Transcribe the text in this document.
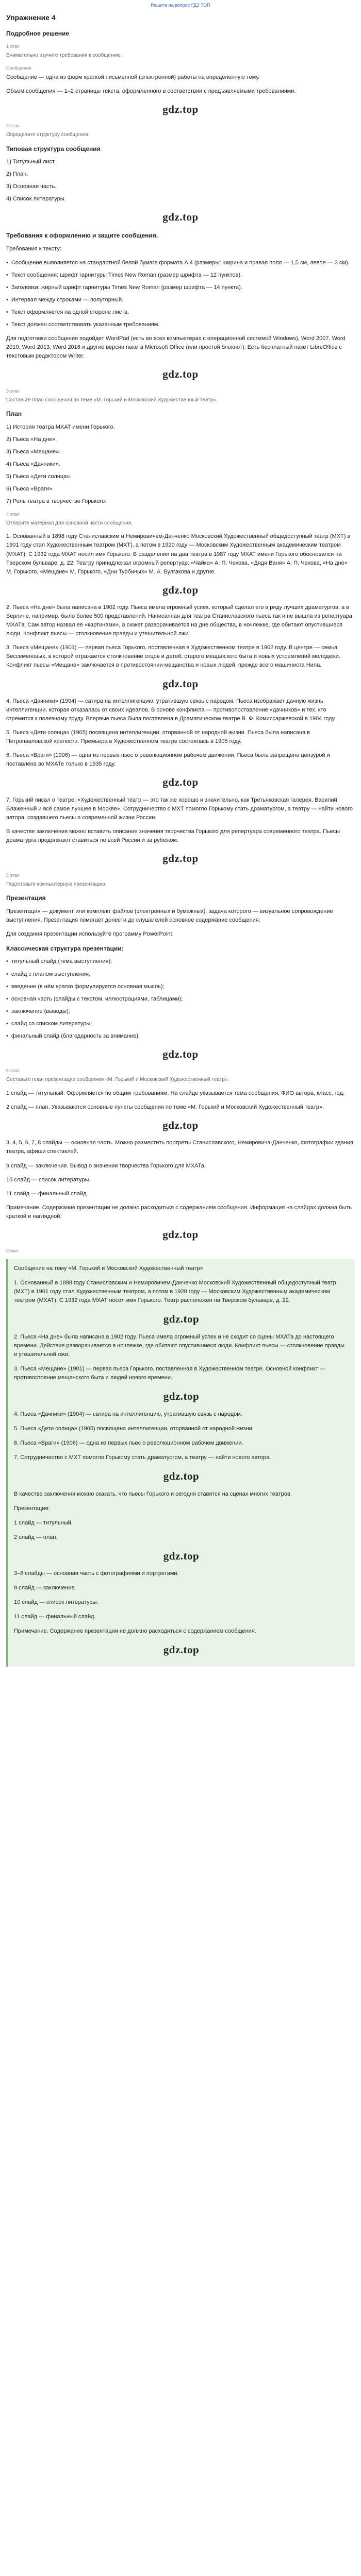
Решите на вопрос ГДЗ ТОП
Упражнение 4
Подробное решение
1 этап

Внимательно изучите требования к сообщению.

Сообщение

Сообщение — одна из форм краткой письменной (электронной) работы на определенную тему.

Объем сообщения — 1–2 страницы текста, оформленного в соответствии с предъявляемыми требованиями.

gdz.top
2 этап

Определите структуру сообщения.

Типовая структура сообщения
1) Титульный лист.
2) План.
3) Основная часть.
4) Список литературы.
gdz.top
Требования к оформлению и защите сообщения.

Требования к тексту:

• Сообщение выполняется на стандартной белой бумаге формата А 4 (размеры: ширина и правая поля — 1,5 см, левое — 3 см).
• Текст сообщения: шрифт гарнитуры Times New Roman (размер шрифта — 12 пунктов).
• Заголовки: жирный шрифт гарнитуры Times New Roman (размер шрифта — 14 пункта).
• Интервал между строками — полуторный.
• Текст оформляется на одной стороне листа.
• Текст должен соответствовать указанным требованиям.

Для подготовки сообщения подойдет WordPad (есть во всех компьютерах с операционной системой Windows), Word 2007, Word 2010, Word 2013, Word 2016 и другие версии пакета Microsoft Office (или простой блокнот). Есть бесплатный пакет LibreOffice с текстовым редактором Writer.

gdz.top
3 этап

Составьте план сообщения по теме «М. Горький и Московский Художественный театр».

План
1) История театра МХАТ имени Горького.
2) Пьеса «На дне».
3) Пьеса «Мещане».
4) Пьеса «Дачники».
5) Пьеса «Дети солнца».
6) Пьеса «Враги».
7) Роль театра в творчестве Горького.
4 этап

Отберите материал для основной части сообщения.

1. Основанный в 1898 году Станиславским и Немировичем-Данченко Московский Художественный общедоступный театр (МХТ) в 1901 году стал Художественным театром (МХТ), а потом в 1920 году — Московским Художественным академическим театром (МХАТ). С 1932 года МХАТ носил имя Горького. В разделении на два театра в 1987 году МХАТ имени Горького обосновался на Тверском бульваре, д. 22. Театру принадлежал огромный репертуар: «Чайка» А. П. Чехова, «Дядя Ваня» А. П. Чехова, «На дне» М. Горького, «Мещане» М. Горького, «Дни Турбиных» М. А. Булгакова и другие.

gdz.top

2. Пьеса «На дне» была написана в 1902 году. Пьеса имела огромный успех, который сделал его в ряду лучших драматургов, а в Берлине, например, было более 500 представлений. Написанная для театра Станиславского пьеса так и не вышла из репертуара МХАТа. Сам автор назвал её «картинами», а сюжет разворачивается на дне общества, в ночлежке, где обитают опустившиеся люди. Конфликт пьесы — столкновение правды и утешительной лжи.

3. Пьеса «Мещане» (1901) — первая пьеса Горького, поставленная в Художественном театре в 1902 году. В центре — семья Бессеменовых, в которой отражается столкновение отцов и детей, старого мещанского быта и новых устремлений молодежи. Конфликт пьесы «Мещане» заключается в противостоянии мещанства и новых людей, прежде всего машиниста Нила.

gdz.top

4. Пьеса «Дачники» (1904) — сатира на интеллигенцию, утратившую связь с народом. Пьеса изображает дачную жизнь интеллигенции, которая отказалась от своих идеалов. В основе конфликта — противопоставление «дачников» и тех, кто стремится к полезному труду. Впервые пьеса была поставлена в Драматическом театре В. Ф. Комиссаржевской в 1904 году.

5. Пьеса «Дети солнца» (1905) посвящена интеллигенции, оторванной от народной жизни. Пьеса была написана в Петропавловской крепости. Премьера в Художественном театре состоялась в 1905 году.

6. Пьеса «Враги» (1906) — одна из первых пьес о революционном рабочем движении. Пьеса была запрещена цензурой и поставлена во МХАТе только в 1935 году.

gdz.top

7. Горький писал о театре: «Художественный театр — это так же хорошо и значительно, как Третьяковская галерея, Василий Блаженный и всё самое лучшее в Москве». Сотрудничество с МХТ помогло Горькому стать драматургом, а театру — найти нового автора, создавшего пьесы о современной жизни России.

В качестве заключения можно вставить описание значения творчества Горького для репертуара современного театра. Пьесы драматурга продолжают ставиться по всей России и за рубежом.

gdz.top
5 этап

Подготовьте компьютерную презентацию.

Презентация

Презентация — документ или комплект файлов (электронных и бумажных), задача которого — визуальное сопровождение выступления. Презентация помогает донести до слушателей основное содержание сообщения.

Для создания презентации используйте программу PowerPoint.

Классическая структура презентации:
• титульный слайд (тема выступления);
• слайд с планом выступления;
• введение (в нём кратко формулируется основная мысль);
• основная часть (слайды с текстом, иллюстрациями, таблицами);
• заключение (выводы);
• слайд со списком литературы;
• финальный слайд (благодарность за внимание).
gdz.top
6 этап

Составьте план презентации сообщения «М. Горький и Московский Художественный театр».

1 слайд — титульный. Оформляется по общим требованиям. На слайде указывается тема сообщения, ФИО автора, класс, год.

2 слайд — план. Указываются основные пункты сообщения по теме «М. Горький и Московский Художественный театр».

gdz.top

3, 4, 5, 6, 7, 8 слайды — основная часть. Можно разместить портреты Станиславского, Немировича-Данченко, фотографии здания театра, афиши спектаклей.

9 слайд — заключение. Вывод о значении творчества Горького для МХАТа.

10 слайд — список литературы.

11 слайд — финальный слайд.

Примечание. Содержание презентации не должно расходиться с содержанием сообщения. Информация на слайдах должна быть краткой и наглядной.

gdz.top
Ответ

Сообщение на тему «М. Горький и Московский Художественный театр»

1. Основанный в 1898 году Станиславским и Немировичем-Данченко Московский Художественный общедоступный театр (МХТ) в 1901 году стал Художественным театром, а потом в 1920 году — Московским Художественным академическим театром (МХАТ). С 1932 года МХАТ носил имя Горького. Театр расположен на Тверском бульваре, д. 22.

gdz.top

2. Пьеса «На дне» была написана в 1902 году. Пьеса имела огромный успех и не сходит со сцены МХАТа до настоящего времени. Действие разворачивается в ночлежке, где обитают опустившиеся люди. Конфликт пьесы — столкновение правды и утешительной лжи.

3. Пьеса «Мещане» (1901) — первая пьеса Горького, поставленная в Художественном театре. Основной конфликт — противостояние мещанского быта и людей нового времени.

gdz.top

4. Пьеса «Дачники» (1904) — сатира на интеллигенцию, утратившую связь с народом.

5. Пьеса «Дети солнца» (1905) посвящена интеллигенции, оторванной от народной жизни.

6. Пьеса «Враги» (1906) — одна из первых пьес о революционном рабочем движении.

7. Сотрудничество с МХТ помогло Горькому стать драматургом, а театру — найти нового автора.

gdz.top

В качестве заключения можно сказать, что пьесы Горького и сегодня ставятся на сценах многих театров.

Презентация:

1 слайд — титульный.

2 слайд — план.

gdz.top

3–8 слайды — основная часть с фотографиями и портретами.

9 слайд — заключение.

10 слайд — список литературы.

11 слайд — финальный слайд.

Примечание. Содержание презентации не должно расходиться с содержанием сообщения.

gdz.top
